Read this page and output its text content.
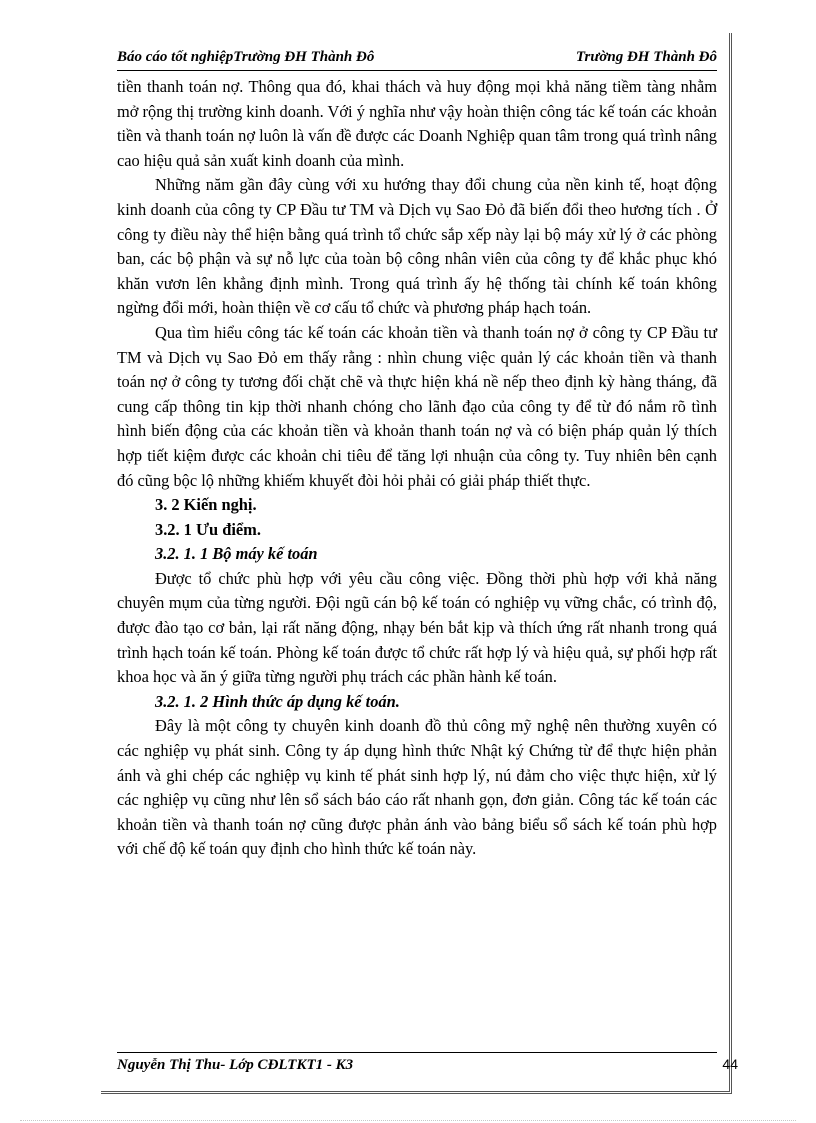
Báo cáo tốt nghiệpTrường ĐH Thành Đô	Trường ĐH Thành Đô

tiền thanh toán nợ. Thông qua đó, khai thách và huy động mọi khả năng tiềm tàng nhằm mở rộng thị trường kinh doanh. Với ý nghĩa như vậy hoàn thiện công tác kế toán các khoản tiền và thanh toán nợ luôn là vấn đề được các Doanh Nghiệp quan tâm trong quá trình nâng cao hiệu quả sản xuất kinh doanh của mình.

Những năm gần đây cùng với xu hướng thay đổi chung của nền kinh tế, hoạt động kinh doanh của công ty CP Đầu tư TM và Dịch vụ Sao Đỏ đã biến đổi theo hương tích . Ở công ty điều này thể hiện bằng quá trình tổ chức sắp xếp này lại bộ máy xử lý ở các phòng ban, các bộ phận và sự nỗ lực của toàn bộ công nhân viên của công ty để khắc phục khó khăn vươn lên khẳng định mình. Trong quá trình ấy hệ thống tài chính kế toán không ngừng đổi mới, hoàn thiện về cơ cấu tổ chức và phương pháp hạch toán.

Qua tìm hiểu công tác kế toán các khoản tiền và thanh toán nợ ở công ty CP Đầu tư TM và Dịch vụ Sao Đỏ em thấy rằng : nhìn chung việc quản lý các khoản tiền và thanh toán nợ ở công ty tương đối chặt chẽ và thực hiện khá nề nếp theo định kỳ hàng tháng, đã cung cấp thông tin kịp thời nhanh chóng cho lãnh đạo của công ty để từ đó nắm rõ tình hình biến động của các khoản tiền và khoản thanh toán nợ và có biện pháp quản lý thích hợp tiết kiệm được các khoản chi tiêu để tăng lợi nhuận của công ty. Tuy nhiên bên cạnh đó cũng bộc lộ những khiếm khuyết đòi hỏi phải có giải pháp thiết thực.

3. 2 Kiến nghị.

3.2. 1 Ưu điểm.

3.2. 1. 1 Bộ máy kế toán

Được tổ chức phù hợp với yêu cầu công việc. Đồng thời phù hợp với khả năng chuyên mụm của từng người. Đội ngũ cán bộ kế toán có nghiệp vụ vững chắc, có trình độ, được đào tạo cơ bản, lại rất năng động, nhạy bén bắt kịp và thích ứng rất nhanh trong quá trình hạch toán kế toán. Phòng kế toán được tổ chức rất hợp lý và hiệu quả, sự phối hợp rất khoa học và ăn ý giữa từng người phụ trách các phần hành kế toán.

3.2. 1. 2 Hình thức áp dụng kế toán.

Đây là một công ty chuyên kinh doanh đồ thủ công mỹ nghệ nên thường xuyên có các nghiệp vụ phát sinh. Công ty áp dụng hình thức Nhật ký Chứng từ để thực hiện phản ánh và ghi chép các nghiệp vụ kinh tế phát sinh hợp lý, nú đảm cho việc thực hiện, xử lý các nghiệp vụ cũng như lên sổ sách báo cáo rất nhanh gọn, đơn giản. Công tác kế toán các khoản tiền và thanh toán nợ cũng được phản ánh vào bảng biểu sổ sách kế toán phù hợp với chế độ kế toán quy định cho hình thức kế toán này.

Nguyễn Thị Thu- Lớp CĐLTKT1 - K3	44
